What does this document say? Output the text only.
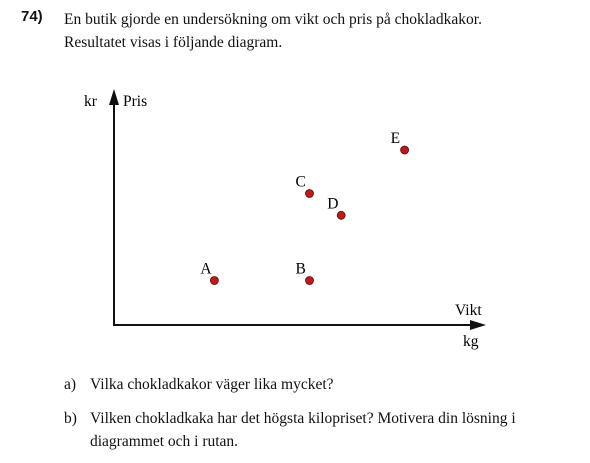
74) En butik gjorde en undersökning om vikt och pris på chokladkakor.
Resultatet visas i följande diagram.
kr Pris
Vikt
kg
A	B
C
D
E
a) Vilka chokladkakor väger lika mycket?
b) Vilken chokladkaka har det högsta kilopriset? Motivera din lösning i
diagrammet och i rutan.
